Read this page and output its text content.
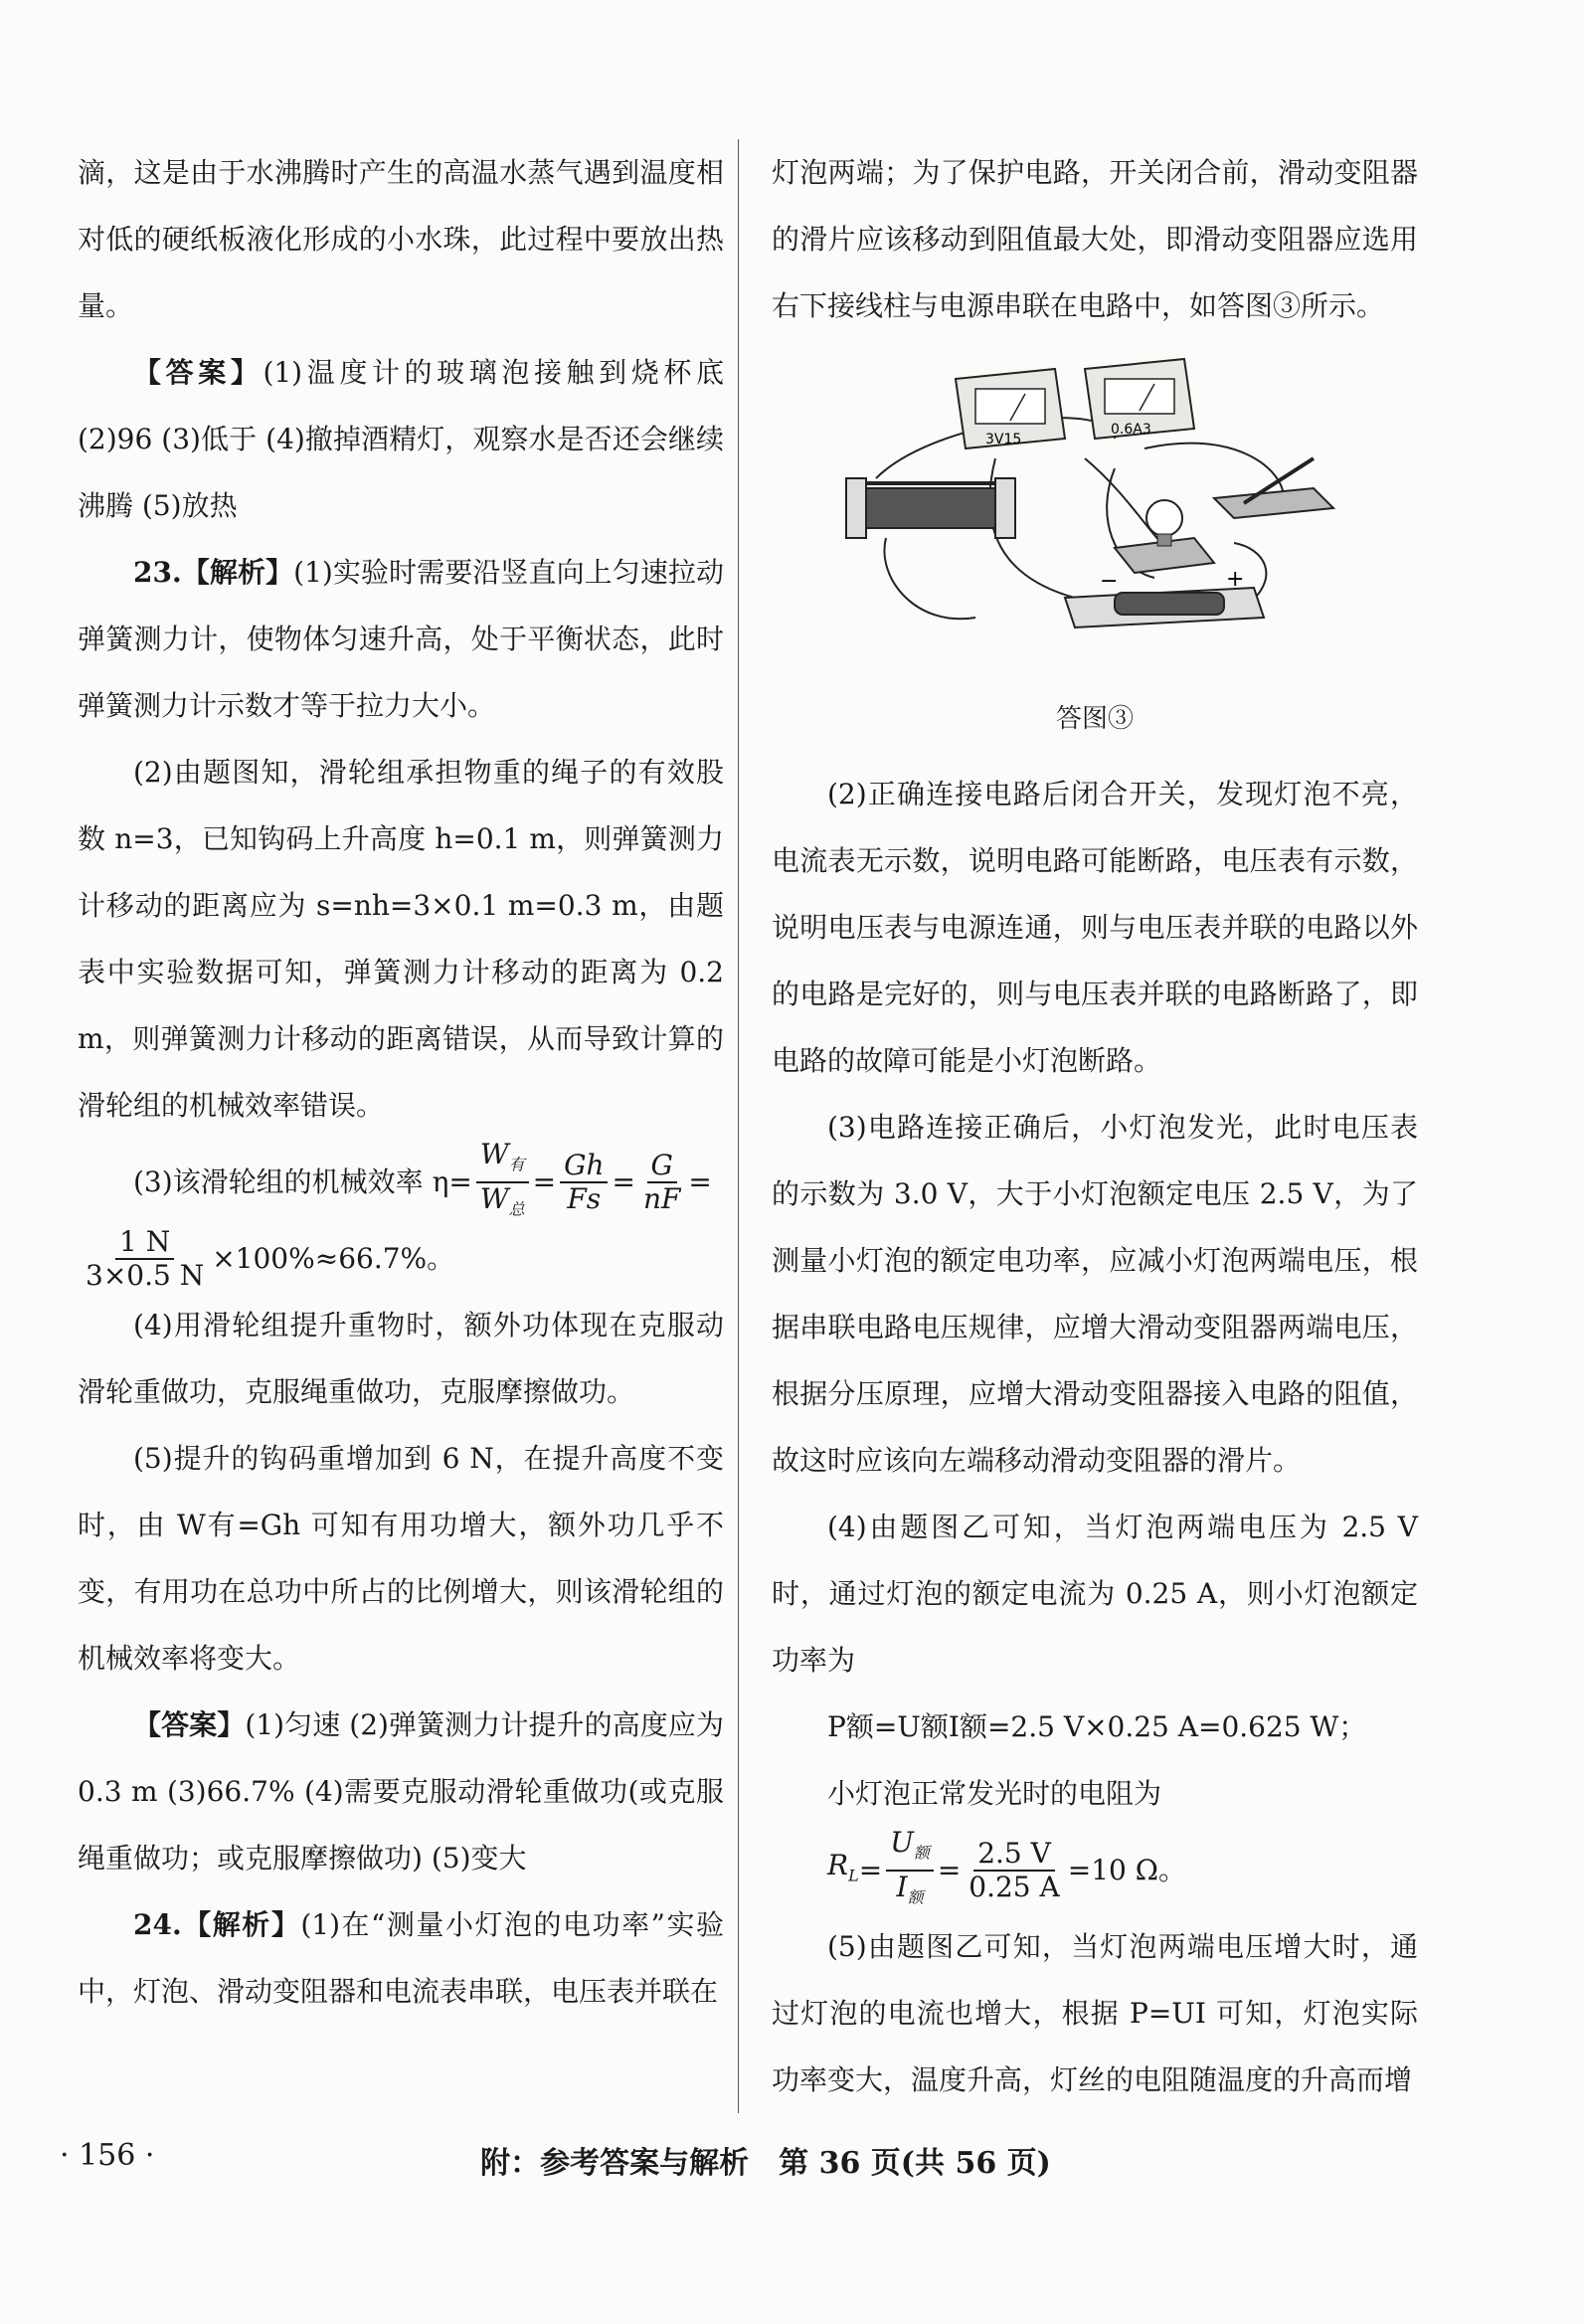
滴，这是由于水沸腾时产生的高温水蒸气遇到温度相对低的硬纸板液化形成的小水珠，此过程中要放出热量。

【答案】(1)温度计的玻璃泡接触到烧杯底 (2)96 (3)低于 (4)撤掉酒精灯，观察水是否还会继续沸腾 (5)放热

23.【解析】(1)实验时需要沿竖直向上匀速拉动弹簧测力计，使物体匀速升高，处于平衡状态，此时弹簧测力计示数才等于拉力大小。

(2)由题图知，滑轮组承担物重的绳子的有效股数 n=3，已知钩码上升高度 h=0.1 m，则弹簧测力计移动的距离应为 s=nh=3×0.1 m=0.3 m，由题表中实验数据可知，弹簧测力计移动的距离为 0.2 m，则弹簧测力计移动的距离错误，从而导致计算的滑轮组的机械效率错误。

(3)该滑轮组的机械效率 $\eta= \frac{W_有}{W_总} = \frac{Gh}{Fs} = \frac{G}{nF}$ =
$\frac{1 N}{3\times 0.5 N} \times 100\%\approx 66.7\%$。

(4)用滑轮组提升重物时，额外功体现在克服动滑轮重做功，克服绳重做功，克服摩擦做功。

(5)提升的钩码重增加到 6 N，在提升高度不变时，由 W有=Gh 可知有用功增大，额外功几乎不变，有用功在总功中所占的比例增大，则该滑轮组的机械效率将变大。

【答案】(1)匀速 (2)弹簧测力计提升的高度应为 0.3 m (3)66.7% (4)需要克服动滑轮重做功(或克服绳重做功；或克服摩擦做功) (5)变大

24.【解析】(1)在“测量小灯泡的电功率”实验中，灯泡、滑动变阻器和电流表串联，电压表并联在

灯泡两端；为了保护电路，开关闭合前，滑动变阻器的滑片应该移动到阻值最大处，即滑动变阻器应选用右下接线柱与电源串联在电路中，如答图③所示。

3V15
0.6A3
−	+
答图③

(2)正确连接电路后闭合开关，发现灯泡不亮，电流表无示数，说明电路可能断路，电压表有示数，说明电压表与电源连通，则与电压表并联的电路以外的电路是完好的，则与电压表并联的电路断路了，即电路的故障可能是小灯泡断路。

(3)电路连接正确后，小灯泡发光，此时电压表的示数为 3.0 V，大于小灯泡额定电压 2.5 V，为了测量小灯泡的额定电功率，应减小灯泡两端电压，根据串联电路电压规律，应增大滑动变阻器两端电压，根据分压原理，应增大滑动变阻器接入电路的阻值，故这时应该向左端移动滑动变阻器的滑片。

(4)由题图乙可知，当灯泡两端电压为 2.5 V 时，通过灯泡的额定电流为 0.25 A，则小灯泡额定功率为

P额=U额I额=2.5 V×0.25 A=0.625 W；

小灯泡正常发光时的电阻为

$R_L = \frac{U_额}{I_额} = \frac{2.5 V}{0.25 A} =10$ Ω。

(5)由题图乙可知，当灯泡两端电压增大时，通过灯泡的电流也增大，根据 P=UI 可知，灯泡实际功率变大，温度升高，灯丝的电阻随温度的升高而增

· 156 ·	附：参考答案与解析　第 36 页(共 56 页)
